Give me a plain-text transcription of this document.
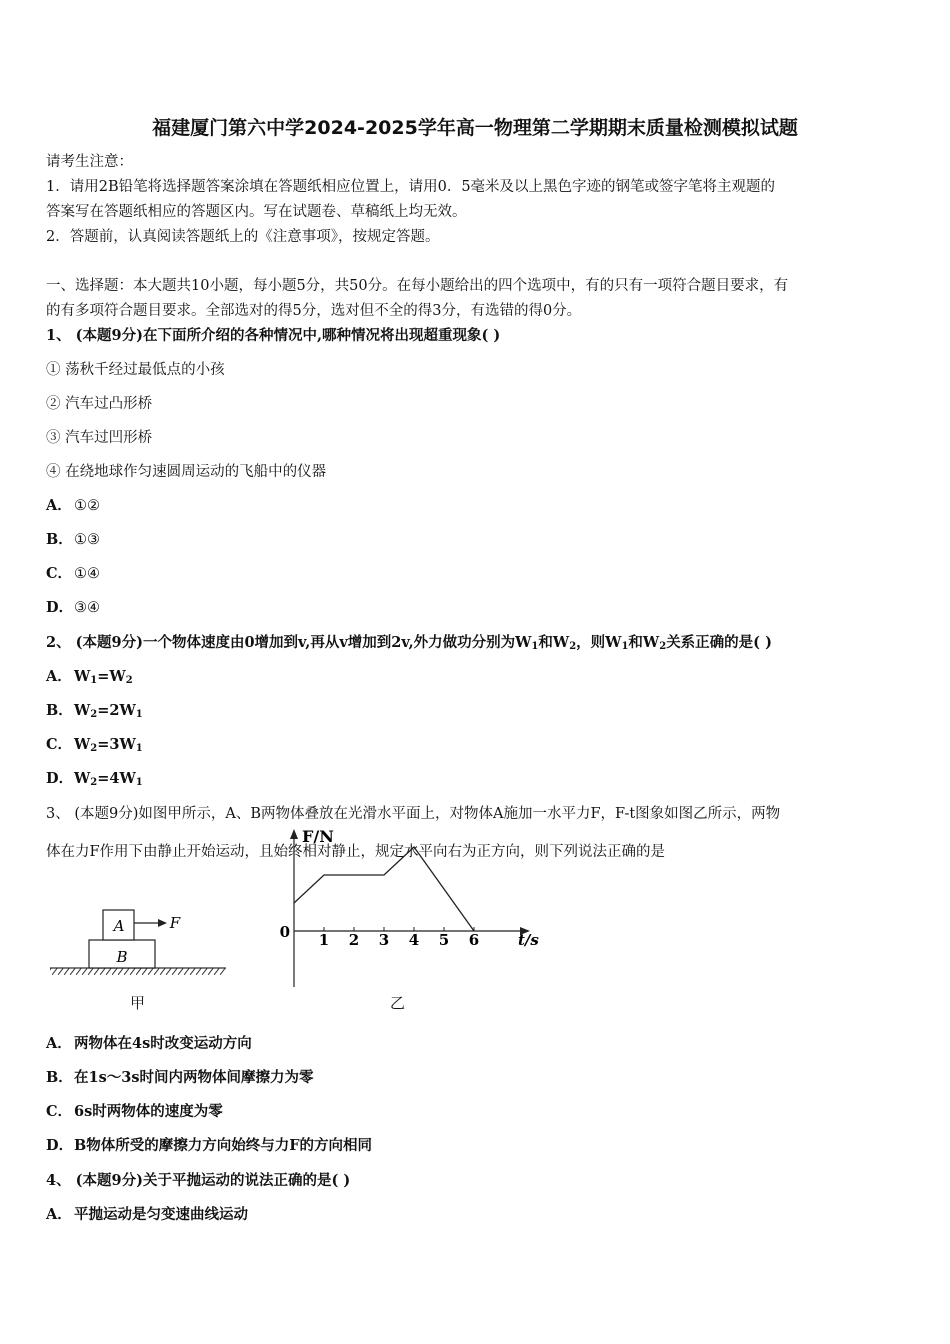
福建厦门第六中学2024-2025学年高一物理第二学期期末质量检测模拟试题
请考生注意：
1．请用2B铅笔将选择题答案涂填在答题纸相应位置上，请用0．5毫米及以上黑色字迹的钢笔或签字笔将主观题的
答案写在答题纸相应的答题区内。写在试题卷、草稿纸上均无效。
2．答题前，认真阅读答题纸上的《注意事项》，按规定答题。
一、选择题：本大题共10小题，每小题5分，共50分。在每小题给出的四个选项中，有的只有一项符合题目要求，有
的有多项符合题目要求。全部选对的得5分，选对但不全的得3分，有选错的得0分。
1、 (本题9分)在下面所介绍的各种情况中,哪种情况将出现超重现象( )
① 荡秋千经过最低点的小孩
② 汽车过凸形桥
③ 汽车过凹形桥
④ 在绕地球作匀速圆周运动的飞船中的仪器
A． ①②
B．①③
C． ①④
D．③④
2、 (本题9分)一个物体速度由0增加到v,再从v增加到2v,外力做功分别为$W_1$和$W_2$，则$W_1$和$W_2$关系正确的是( )
A． $W_1=W_2$
B．$W_2=2W_1$
C． $W_2=3W_1$
D．$W_2=4W_1$
3、 (本题9分)如图甲所示，A、B两物体叠放在光滑水平面上，对物体A施加一水平力F，F-t图象如图乙所示，两物
体在力F作用下由静止开始运动，且始终相对静止，规定水平向右为正方向，则下列说法正确的是
A
B
F
甲
1 2 3 4 5 6
F/N
t/s
0
乙
A． 两物体在4s时改变运动方向
B．在1s～3s时间内两物体间摩擦力为零
C． 6s时两物体的速度为零
D．B物体所受的摩擦力方向始终与力F的方向相同
4、 (本题9分)关于平抛运动的说法正确的是( )
A． 平抛运动是匀变速曲线运动
